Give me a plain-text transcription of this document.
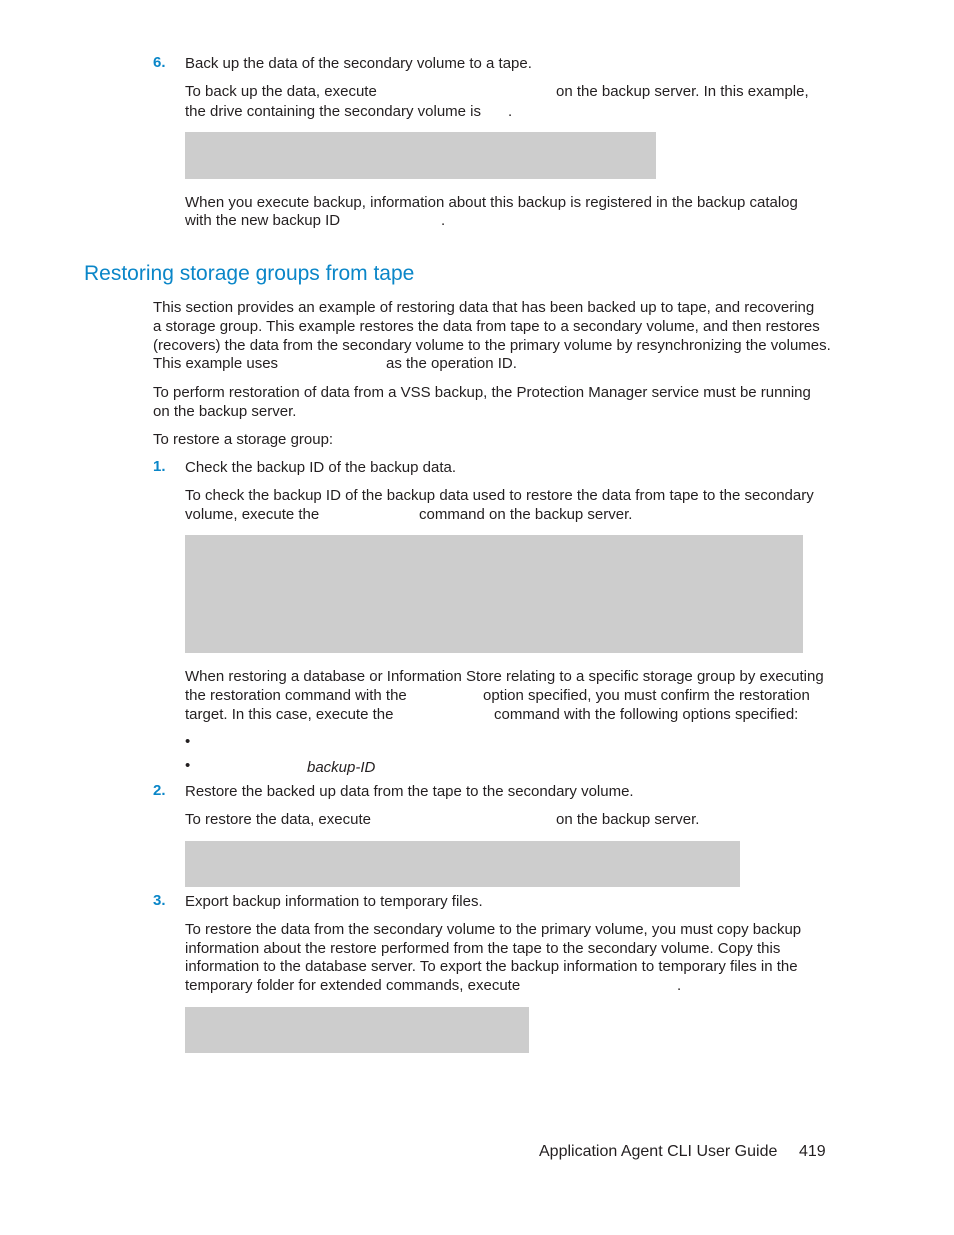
6. Back up the data of the secondary volume to a tape.
To back up the data, execute	on the backup server. In this example,
the drive containing the secondary volume is .
When you execute backup, information about this backup is registered in the backup catalog
with the new backup ID	.
Restoring storage groups from tape
This section provides an example of restoring data that has been backed up to tape, and recovering
a storage group. This example restores the data from tape to a secondary volume, and then restores
(recovers) the data from the secondary volume to the primary volume by resynchronizing the volumes.
This example uses	as the operation ID.
To perform restoration of data from a VSS backup, the Protection Manager service must be running
on the backup server.
To restore a storage group:
1. Check the backup ID of the backup data.
To check the backup ID of the backup data used to restore the data from tape to the secondary
volume, execute the	command on the backup server.
When restoring a database or Information Store relating to a specific storage group by executing
the restoration command with the	option specified, you must confirm the restoration
target. In this case, execute the	command with the following options specified:
•
•	backup-ID
2. Restore the backed up data from the tape to the secondary volume.
To restore the data, execute	on the backup server.
3. Export backup information to temporary files.
To restore the data from the secondary volume to the primary volume, you must copy backup
information about the restore performed from the tape to the secondary volume. Copy this
information to the database server. To export the backup information to temporary files in the
temporary folder for extended commands, execute	.
Application Agent CLI User Guide 419
